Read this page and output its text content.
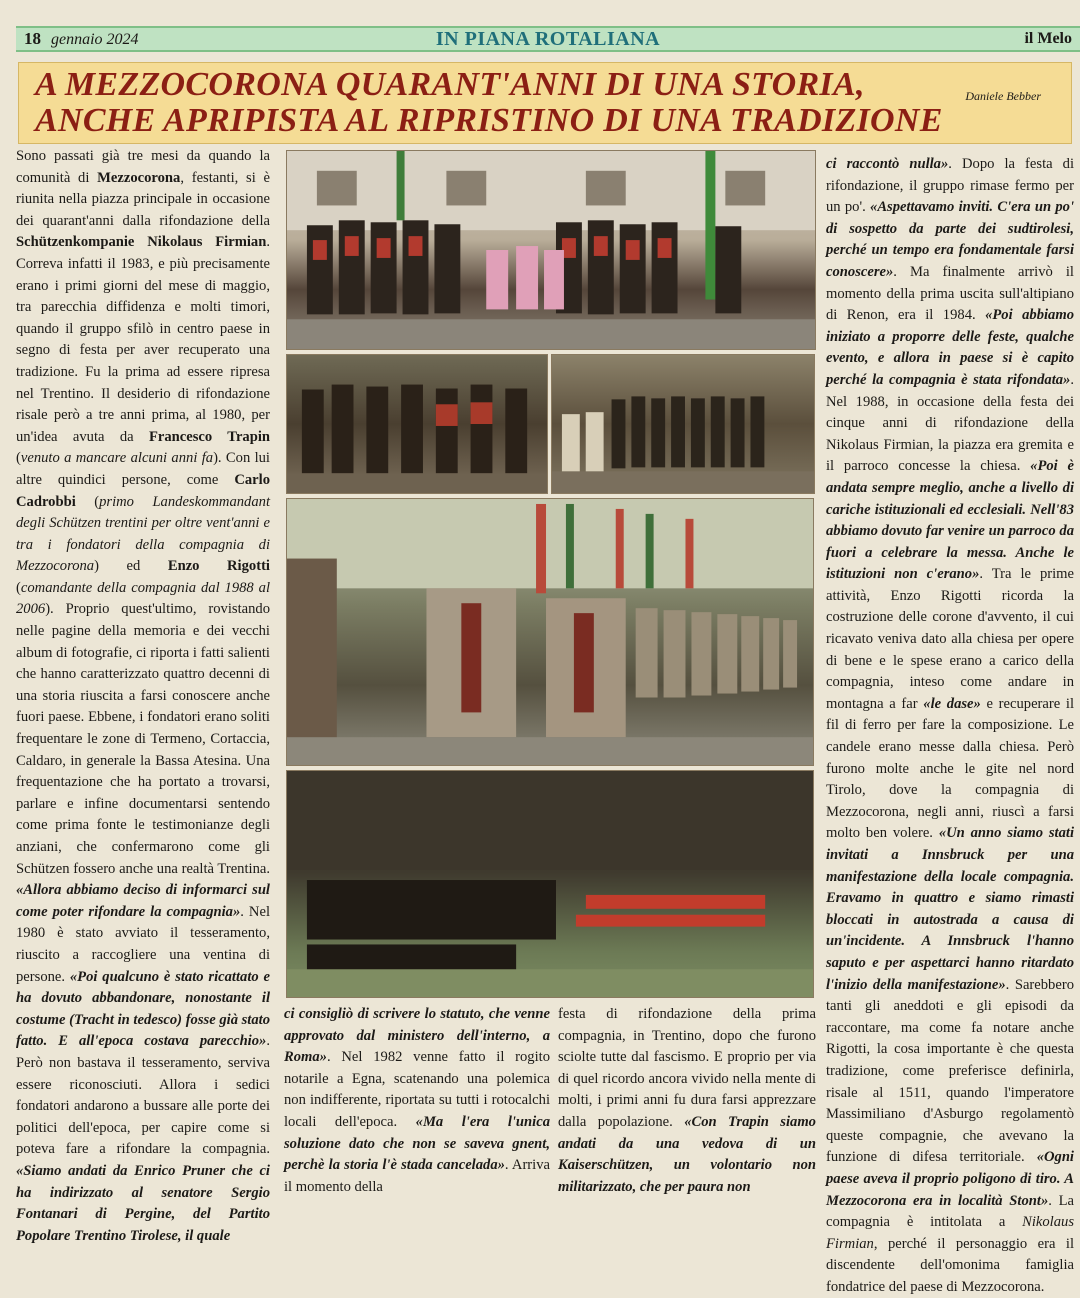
18 gennaio 2024	IN PIANA ROTALIANA	il Melo
A MEZZOCORONA QUARANT'ANNI DI UNA STORIA,
ANCHE APRIPISTA AL RIPRISTINO DI UNA TRADIZIONE
Daniele Bebber

Sono passati già tre mesi da quando la comunità di Mezzocorona, festanti, si è riunita nella piazza principale in occasione dei quarant'anni dalla rifondazione della Schützenkompanie Nikolaus Firmian. Correva infatti il 1983, e più precisamente erano i primi giorni del mese di maggio, tra parecchia diffidenza e molti timori, quando il gruppo sfilò in centro paese in segno di festa per aver recuperato una tradizione. Fu la prima ad essere ripresa nel Trentino. Il desiderio di rifondazione risale però a tre anni prima, al 1980, per un'idea avuta da Francesco Trapin (venuto a mancare alcuni anni fa). Con lui altre quindici persone, come Carlo Cadrobbi (primo Landeskommandant degli Schützen trentini per oltre vent'anni e tra i fondatori della compagnia di Mezzocorona) ed Enzo Rigotti (comandante della compagnia dal 1988 al 2006). Proprio quest'ultimo, rovistando nelle pagine della memoria e dei vecchi album di fotografie, ci riporta i fatti salienti che hanno caratterizzato quattro decenni di una storia riuscita a farsi conoscere anche fuori paese. Ebbene, i fondatori erano soliti frequentare le zone di Termeno, Cortaccia, Caldaro, in generale la Bassa Atesina. Una frequentazione che ha portato a trovarsi, parlare e infine documentarsi sentendo come prima fonte le testimonianze degli anziani, che confermarono come gli Schützen fossero anche una realtà Trentina. «Allora abbiamo deciso di informarci sul come poter rifondare la compagnia». Nel 1980 è stato avviato il tesseramento, riuscito a raccogliere una ventina di persone. «Poi qualcuno è stato ricattato e ha dovuto abbandonare, nonostante il costume (Tracht in tedesco) fosse già stato fatto. E all'epoca costava parecchio». Però non bastava il tesseramento, serviva essere riconosciuti. Allora i sedici fondatori andarono a bussare alle porte dei politici dell'epoca, per capire come si poteva fare a rifondare la compagnia. «Siamo andati da Enrico Pruner che ci ha indirizzato al senatore Sergio Fontanari di Pergine, del Partito Popolare Trentino Tirolese, il quale

ci consigliò di scrivere lo statuto, che venne approvato dal ministero dell'interno, a Roma». Nel 1982 venne fatto il rogito notarile a Egna, scatenando una polemica non indifferente, riportata su tutti i rotocalchi locali dell'epoca. «Ma l'era l'unica soluzione dato che non se saveva gnent, perchè la storia l'è stada cancelada». Arriva il momento della

festa di rifondazione della prima compagnia, in Trentino, dopo che furono sciolte tutte dal fascismo. E proprio per via di quel ricordo ancora vivido nella mente di molti, i primi anni fu dura farsi apprezzare dalla popolazione. «Con Trapin siamo andati da una vedova di un Kaiserschützen, un volontario non militarizzato, che per paura non

ci raccontò nulla». Dopo la festa di rifondazione, il gruppo rimase fermo per un po'. «Aspettavamo inviti. C'era un po' di sospetto da parte dei sudtirolesi, perché un tempo era fondamentale farsi conoscere». Ma finalmente arrivò il momento della prima uscita sull'altipiano di Renon, era il 1984. «Poi abbiamo iniziato a proporre delle feste, qualche evento, e allora in paese si è capito perché la compagnia è stata rifondata». Nel 1988, in occasione della festa dei cinque anni di rifondazione della Nikolaus Firmian, la piazza era gremita e il parroco concesse la chiesa. «Poi è andata sempre meglio, anche a livello di cariche istituzionali ed ecclesiali. Nell'83 abbiamo dovuto far venire un parroco da fuori a celebrare la messa. Anche le istituzioni non c'erano». Tra le prime attività, Enzo Rigotti ricorda la costruzione delle corone d'avvento, il cui ricavato veniva dato alla chiesa per opere di bene e le spese erano a carico della compagnia, inteso come andare in montagna a far «le dase» e recuperare il fil di ferro per fare la composizione. Le candele erano messe dalla chiesa. Però furono molte anche le gite nel nord Tirolo, dove la compagnia di Mezzocorona, negli anni, riuscì a farsi molto ben volere. «Un anno siamo stati invitati a Innsbruck per una manifestazione della locale compagnia. Eravamo in quattro e siamo rimasti bloccati in autostrada a causa di un'incidente. A Innsbruck l'hanno saputo e per aspettarci hanno ritardato l'inizio della manifestazione». Sarebbero tanti gli aneddoti e gli episodi da raccontare, ma come fa notare anche Rigotti, la cosa importante è che questa tradizione, come preferisce definirla, risale al 1511, quando l'imperatore Massimiliano d'Asburgo regolamentò queste compagnie, che avevano la funzione di difesa territoriale. «Ogni paese aveva il proprio poligono di tiro. A Mezzocorona era in località Stont». La compagnia è intitolata a Nikolaus Firmian, perché il personaggio era il discendente dell'omonima famiglia fondatrice del paese di Mezzocorona.
